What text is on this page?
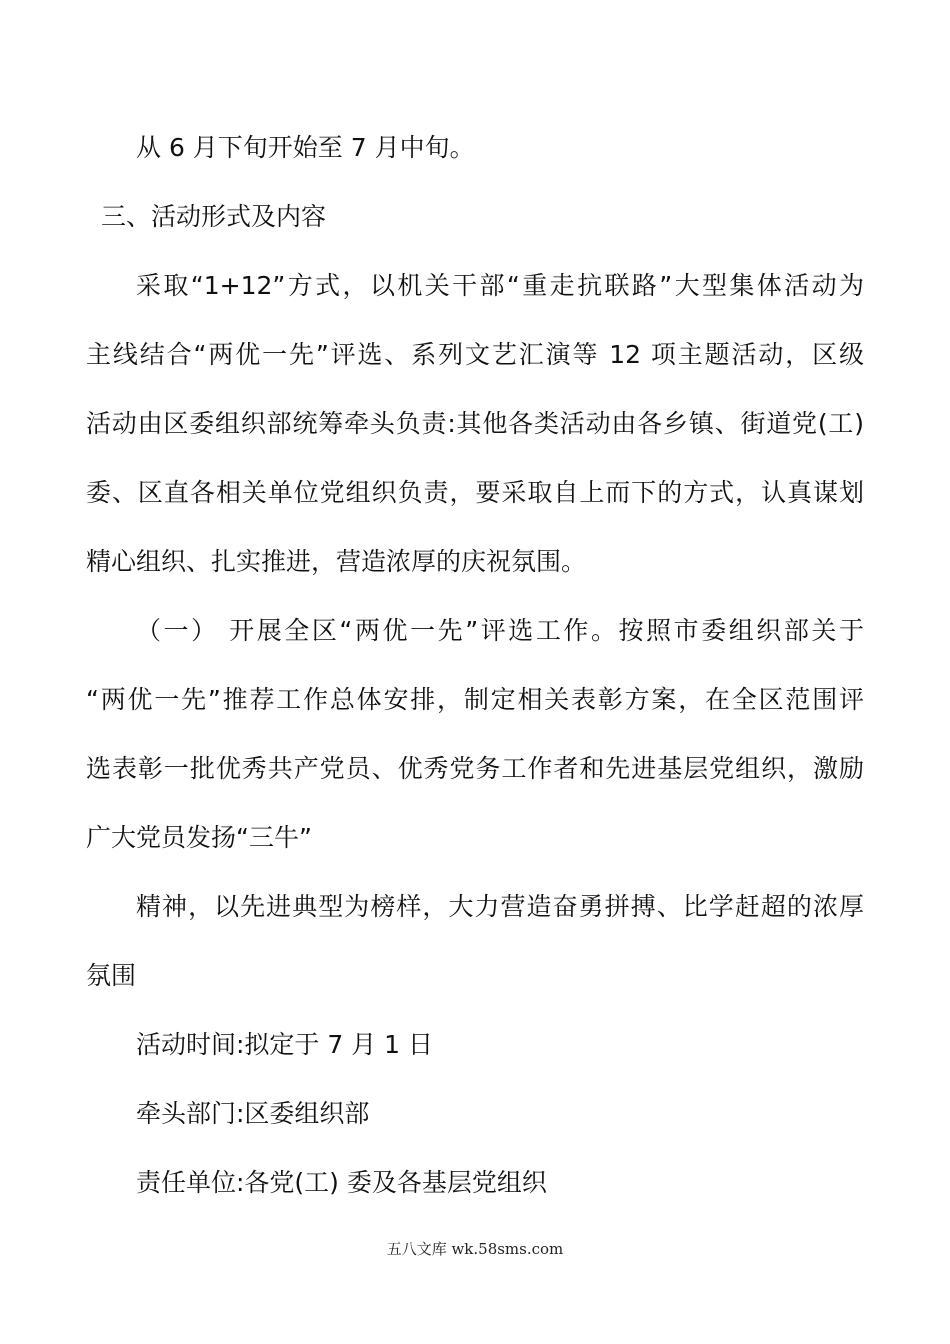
从 6 月下旬开始至 7 月中旬。

三、活动形式及内容

采取“1+12”方式，以机关干部“重走抗联路”大型集体活动为

主线结合“两优一先”评选、系列文艺汇演等 12 项主题活动，区级

活动由区委组织部统筹牵头负责:其他各类活动由各乡镇、街道党(工)

委、区直各相关单位党组织负责，要采取自上而下的方式，认真谋划

精心组织、扎实推进，营造浓厚的庆祝氛围。

（一） 开展全区“两优一先”评选工作。按照市委组织部关于

“两优一先”推荐工作总体安排，制定相关表彰方案，在全区范围评

选表彰一批优秀共产党员、优秀党务工作者和先进基层党组织，激励

广大党员发扬“三牛”

精神，以先进典型为榜样，大力营造奋勇拼搏、比学赶超的浓厚

氛围

活动时间:拟定于 7 月 1 日

牵头部门:区委组织部

责任单位:各党(工) 委及各基层党组织

五八文库 wk.58sms.com
